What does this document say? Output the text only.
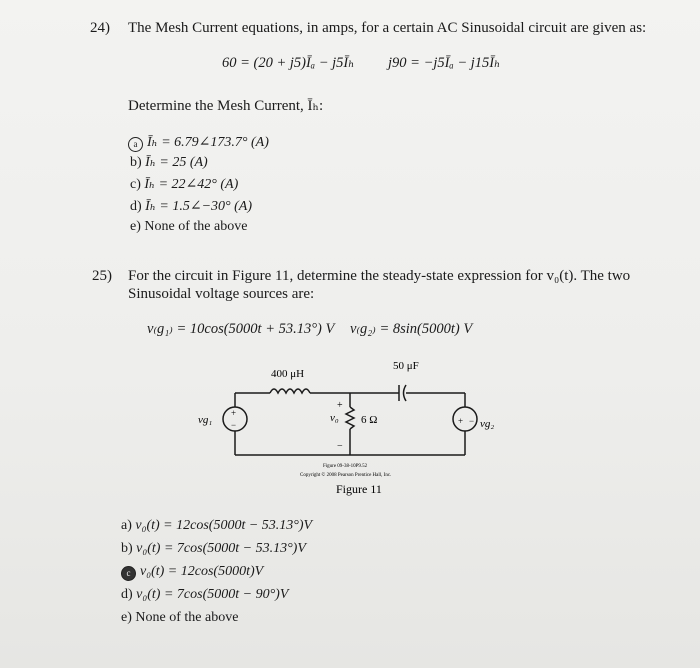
24) The Mesh Current equations, in amps, for a certain AC Sinusoidal circuit are given as:
60 = (20 + j5)Īₐ − j5Īₕ j90 = −j5Īₐ − j15Īₕ
Determine the Mesh Current, Īₕ:
a Īₕ = 6.79∠173.7° (A)
b) Īₕ = 25 (A)
c) Īₕ = 22∠42° (A)
d) Īₕ = 1.5∠−30° (A)
e) None of the above
25) For the circuit in Figure 11, determine the steady-state expression for v₀(t). The two
Sinusoidal voltage sources are:
v₍g₁₎ = 10cos(5000t + 53.13°) V v₍g₂₎ = 8sin(5000t) V
+
−	+ −
400 μH
50 μF
6 Ω
v₀
+
−
vg₁	vg₂
Figure 09-38-10P9.52
Copyright © 2008 Pearson Prentice Hall, Inc.
Figure 11
a) v₀(t) = 12cos(5000t − 53.13°)V
b) v₀(t) = 7cos(5000t − 53.13°)V
c v₀(t) = 12cos(5000t)V
d) v₀(t) = 7cos(5000t − 90°)V
e) None of the above
